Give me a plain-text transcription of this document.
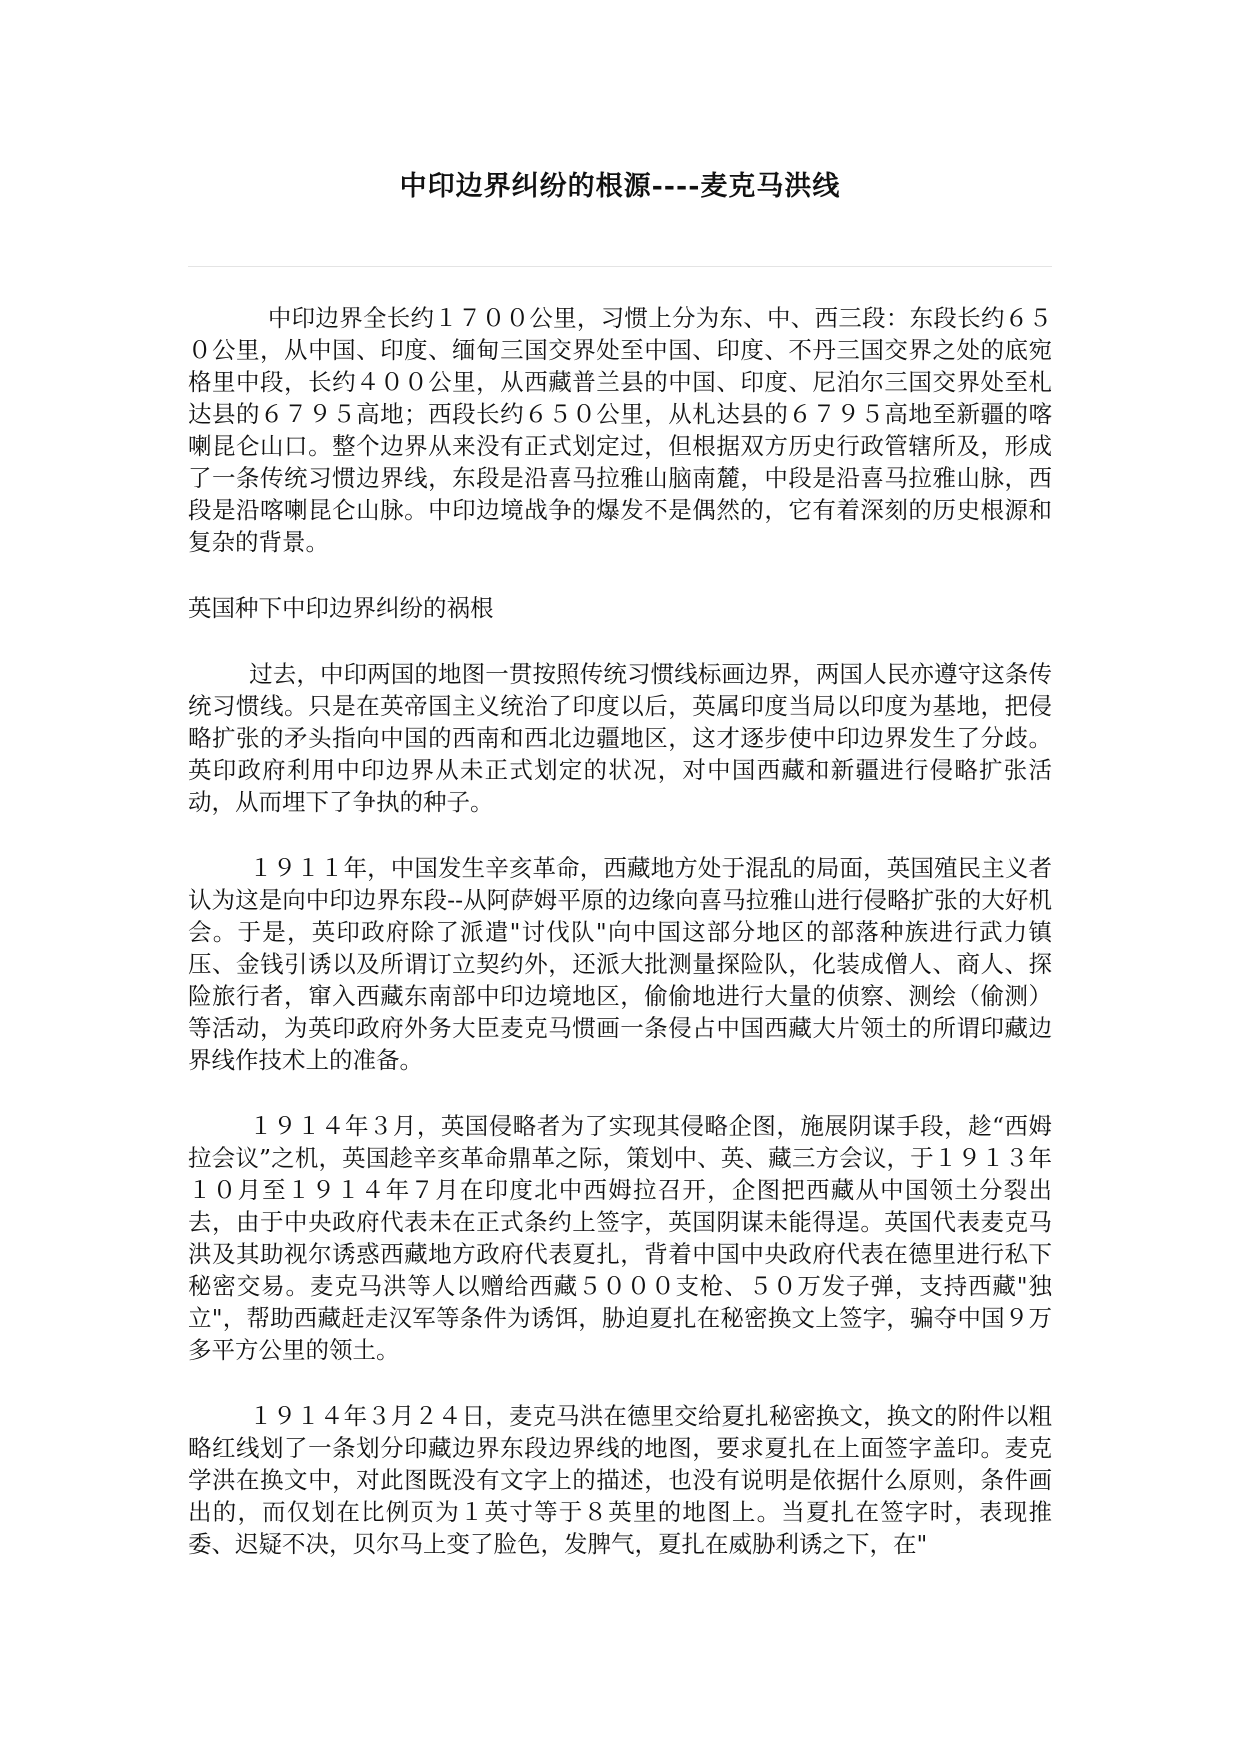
中印边界纠纷的根源----麦克马洪线

中印边界全长约１７００公里，习惯上分为东、中、西三段：东段长约６５０公里，从中国、印度、缅甸三国交界处至中国、印度、不丹三国交界之处的底宛格里中段，长约４００公里，从西藏普兰县的中国、印度、尼泊尔三国交界处至札达县的６７９５高地；西段长约６５０公里，从札达县的６７９５高地至新疆的喀喇昆仑山口。整个边界从来没有正式划定过，但根据双方历史行政管辖所及，形成了一条传统习惯边界线，东段是沿喜马拉雅山脑南麓，中段是沿喜马拉雅山脉，西段是沿喀喇昆仑山脉。中印边境战争的爆发不是偶然的，它有着深刻的历史根源和复杂的背景。

英国种下中印边界纠纷的祸根

过去，中印两国的地图一贯按照传统习惯线标画边界，两国人民亦遵守这条传统习惯线。只是在英帝国主义统治了印度以后，英属印度当局以印度为基地，把侵略扩张的矛头指向中国的西南和西北边疆地区，这才逐步使中印边界发生了分歧。英印政府利用中印边界从未正式划定的状况，对中国西藏和新疆进行侵略扩张活动，从而埋下了争执的种子。

１９１１年，中国发生辛亥革命，西藏地方处于混乱的局面，英国殖民主义者认为这是向中印边界东段--从阿萨姆平原的边缘向喜马拉雅山进行侵略扩张的大好机会。于是，英印政府除了派遣"讨伐队"向中国这部分地区的部落种族进行武力镇压、金钱引诱以及所谓订立契约外，还派大批测量探险队，化装成僧人、商人、探险旅行者，窜入西藏东南部中印边境地区，偷偷地进行大量的侦察、测绘（偷测）等活动，为英印政府外务大臣麦克马惯画一条侵占中国西藏大片领土的所谓印藏边界线作技术上的准备。

１９１４年３月，英国侵略者为了实现其侵略企图，施展阴谋手段，趁“西姆拉会议”之机，英国趁辛亥革命鼎革之际，策划中、英、藏三方会议，于１９１３年１０月至１９１４年７月在印度北中西姆拉召开，企图把西藏从中国领土分裂出去，由于中央政府代表未在正式条约上签字，英国阴谋未能得逞。英国代表麦克马洪及其助视尔诱惑西藏地方政府代表夏扎，背着中国中央政府代表在德里进行私下秘密交易。麦克马洪等人以赠给西藏５０００支枪、５０万发子弹，支持西藏"独立"，帮助西藏赶走汉军等条件为诱饵，胁迫夏扎在秘密换文上签字，骗夺中国９万多平方公里的领土。

１９１４年３月２４日，麦克马洪在德里交给夏扎秘密换文，换文的附件以粗略红线划了一条划分印藏边界东段边界线的地图，要求夏扎在上面签字盖印。麦克学洪在换文中，对此图既没有文字上的描述，也没有说明是依据什么原则，条件画出的，而仅划在比例页为１英寸等于８英里的地图上。当夏扎在签字时，表现推委、迟疑不决，贝尔马上变了脸色，发脾气，夏扎在威胁利诱之下，在"
